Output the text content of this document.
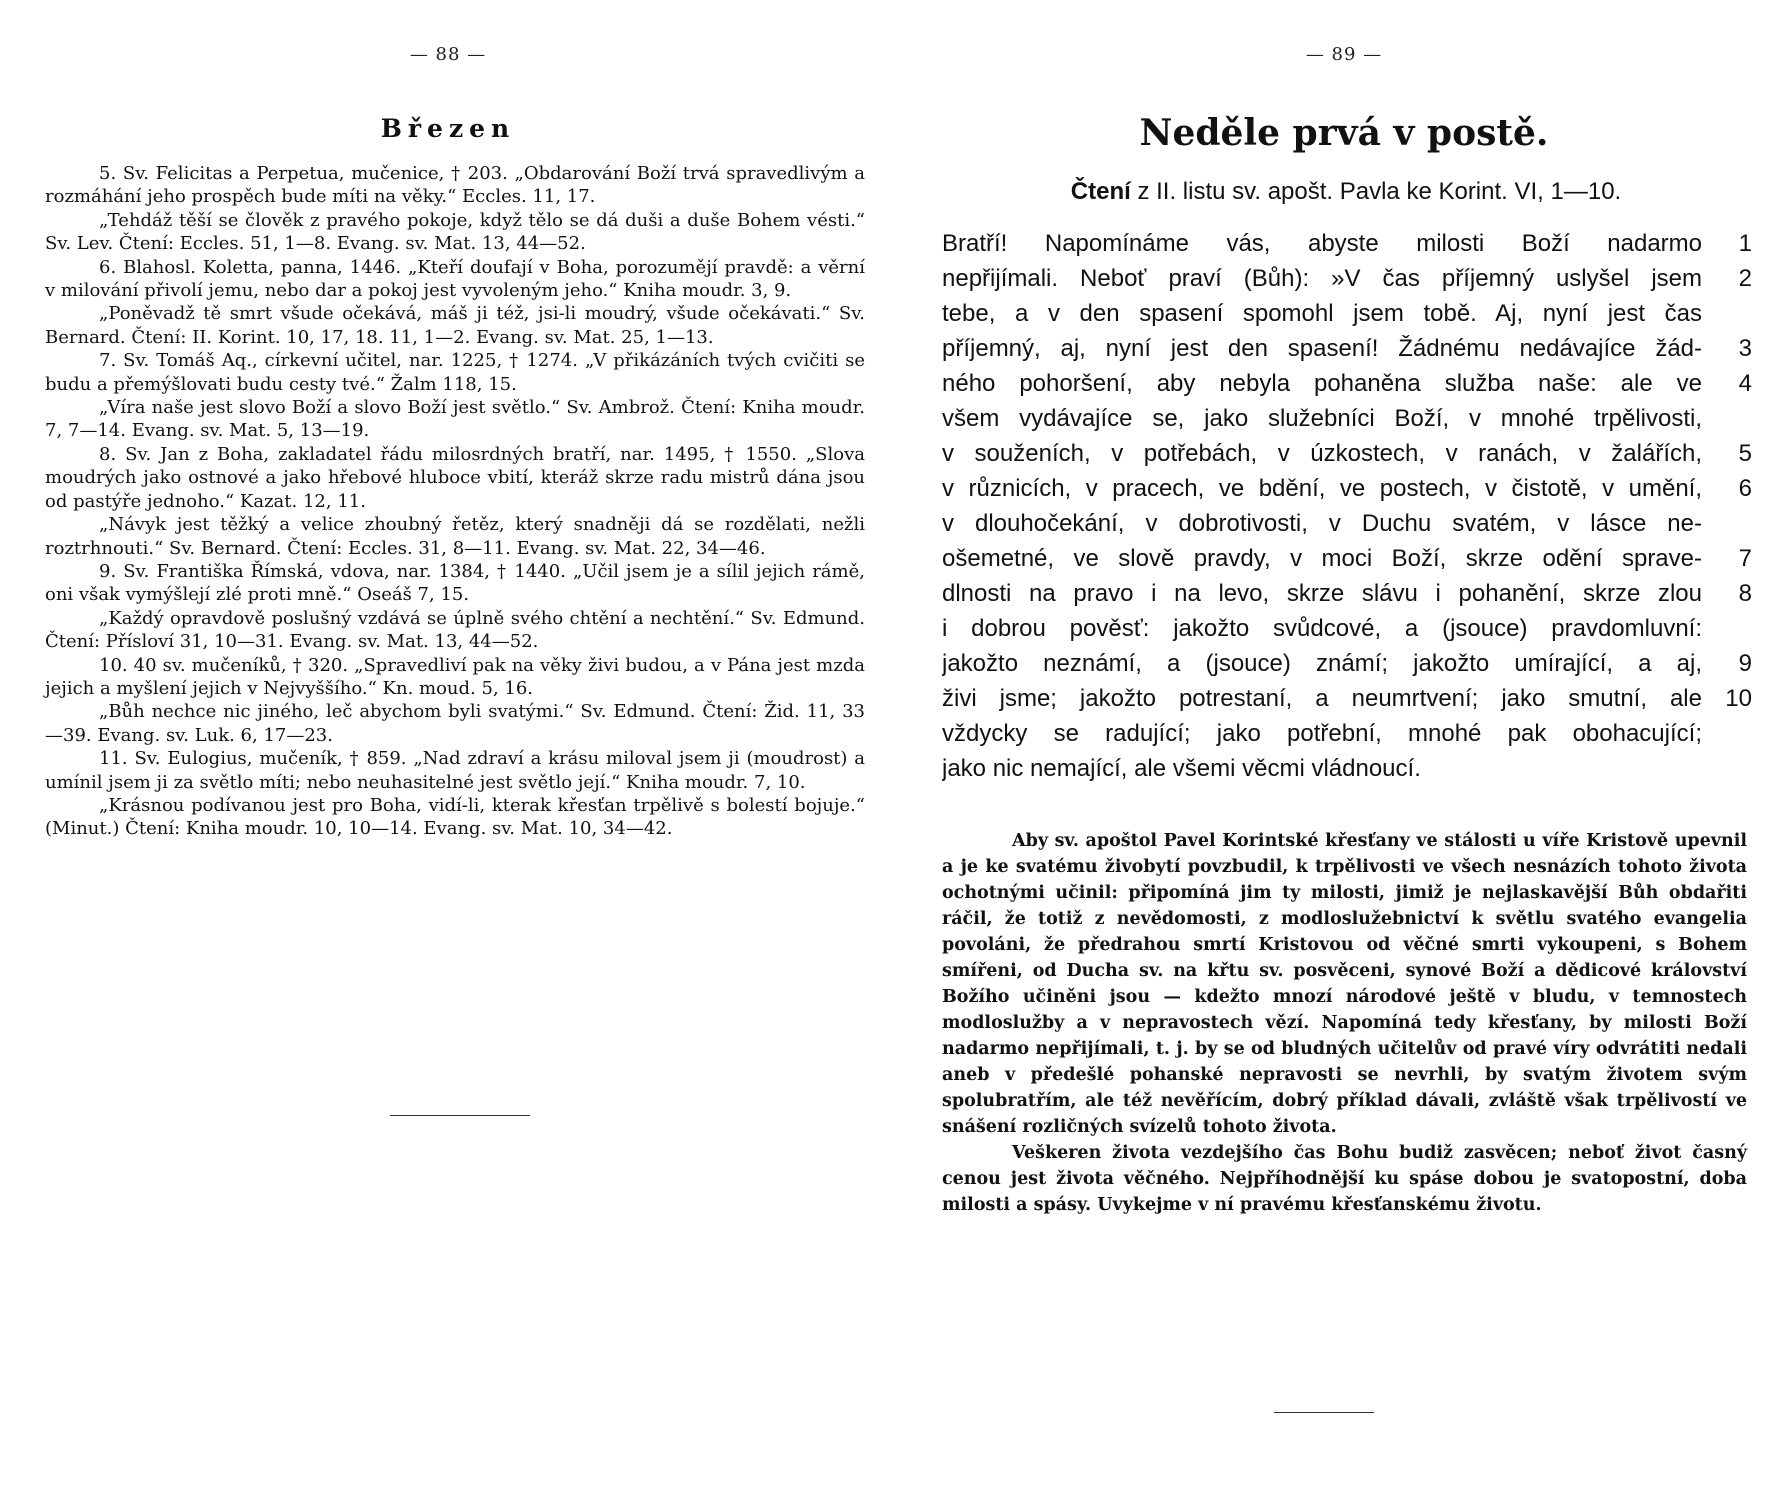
— 88 —
Březen

5. Sv. Felicitas a Perpetua, mučenice, † 203. „Obdarování Boží trvá spravedlivým a rozmáhání jeho prospěch bude míti na věky.“ Eccles. 11, 17.

„Tehdáž těší se člověk z pravého pokoje, když tělo se dá duši a duše Bohem vésti.“ Sv. Lev. Čtení: Eccles. 51, 1—8. Evang. sv. Mat. 13, 44—52.

6. Blahosl. Koletta, panna, 1446. „Kteří doufají v Boha, porozumějí pravdě: a věrní v milování přivolí jemu, nebo dar a pokoj jest vyvoleným jeho.“ Kniha moudr. 3, 9.

„Poněvadž tě smrt všude očekává, máš ji též, jsi-li moudrý, všude očekávati.“ Sv. Bernard. Čtení: II. Korint. 10, 17, 18. 11, 1—2. Evang. sv. Mat. 25, 1—13.

7. Sv. Tomáš Aq., církevní učitel, nar. 1225, † 1274. „V přikázáních tvých cvičiti se budu a přemýšlovati budu cesty tvé.“ Žalm 118, 15.

„Víra naše jest slovo Boží a slovo Boží jest světlo.“ Sv. Ambrož. Čtení: Kniha moudr. 7, 7—14. Evang. sv. Mat. 5, 13—19.

8. Sv. Jan z Boha, zakladatel řádu milosrdných bratří, nar. 1495, † 1550. „Slova moudrých jako ostnové a jako hřebové hluboce vbití, kteráž skrze radu mistrů dána jsou od pastýře jednoho.“ Kazat. 12, 11.

„Návyk jest těžký a velice zhoubný řetěz, který snadněji dá se rozdělati, nežli roztrhnouti.“ Sv. Bernard. Čtení: Eccles. 31, 8—11. Evang. sv. Mat. 22, 34—46.

9. Sv. Františka Římská, vdova, nar. 1384, † 1440. „Učil jsem je a sílil jejich rámě, oni však vymýšlejí zlé proti mně.“ Oseáš 7, 15.

„Každý opravdově poslušný vzdává se úplně svého chtění a nechtění.“ Sv. Edmund. Čtení: Přísloví 31, 10—31. Evang. sv. Mat. 13, 44—52.

10. 40 sv. mučeníků, † 320. „Spravedliví pak na věky živi budou, a v Pána jest mzda jejich a myšlení jejich v Nejvyššího.“ Kn. moud. 5, 16.

„Bůh nechce nic jiného, leč abychom byli svatými.“ Sv. Edmund. Čtení: Žid. 11, 33—39. Evang. sv. Luk. 6, 17—23.

11. Sv. Eulogius, mučeník, † 859. „Nad zdraví a krásu miloval jsem ji (moudrost) a umínil jsem ji za světlo míti; nebo neuhasitelné jest světlo její.“ Kniha moudr. 7, 10.

„Krásnou podívanou jest pro Boha, vidí-li, kterak křesťan trpělivě s bolestí bojuje.“ (Minut.) Čtení: Kniha moudr. 10, 10—14. Evang. sv. Mat. 10, 34—42.

— 89 —
Neděle prvá v postě.
Čtení z II. listu sv. apošt. Pavla ke Korint. VI, 1—10.
Bratří! Napomínáme vás, abyste milosti Boží nadarmo	1
nepřijímali. Neboť praví (Bůh): »V čas příjemný uslyšel jsem	2
tebe, a v den spasení spomohl jsem tobě. Aj, nyní jest čas
příjemný, aj, nyní jest den spasení! Žádnému nedávajíce žád-	3
ného pohoršení, aby nebyla pohaněna služba naše: ale ve	4
všem vydávajíce se, jako služebníci Boží, v mnohé trpělivosti,
v souženích, v potřebách, v úzkostech, v ranách, v žalářích,	5
v různicích, v pracech, ve bdění, ve postech, v čistotě, v umění,	6
v dlouhočekání, v dobrotivosti, v Duchu svatém, v lásce ne-
ošemetné, ve slově pravdy, v moci Boží, skrze odění sprave-	7
dlnosti na pravo i na levo, skrze slávu i pohanění, skrze zlou	8
i dobrou pověsť: jakožto svůdcové, a (jsouce) pravdomluvní:
jakožto neznámí, a (jsouce) známí; jakožto umírající, a aj,	9
živi jsme; jakožto potrestaní, a neumrtvení; jako smutní, ale 10
vždycky se radující; jako potřební, mnohé pak obohacující;
jako nic nemající, ale všemi věcmi vládnoucí.

Aby sv. apoštol Pavel Korintské křesťany ve stálosti u víře Kristově upevnil a je ke svatému živobytí povzbudil, k trpělivosti ve všech nesnázích tohoto života ochotnými učinil: připomíná jim ty milosti, jimiž je nejlaskavější Bůh obdařiti ráčil, že totiž z nevědomosti, z modloslužebnictví k světlu svatého evangelia povoláni, že předrahou smrtí Kristovou od věčné smrti vykoupeni, s Bohem smířeni, od Ducha sv. na křtu sv. posvěceni, synové Boží a dědicové království Božího učiněni jsou — kdežto mnozí národové ještě v bludu, v temnostech modloslužby a v nepravostech vězí. Napomíná tedy křesťany, by milosti Boží nadarmo nepřijímali, t. j. by se od bludných učitelův od pravé víry odvrátiti nedali aneb v předešlé pohanské nepravosti se nevrhli, by svatým životem svým spolubratřím, ale též nevěřícím, dobrý příklad dávali, zvláště však trpělivostí ve snášení rozličných svízelů tohoto života.

Veškeren života vezdejšího čas Bohu budiž zasvěcen; neboť život časný cenou jest života věčného. Nejpříhodnější ku spáse dobou je svatopostní, doba milosti a spásy. Uvykejme v ní pravému křesťanskému životu.
